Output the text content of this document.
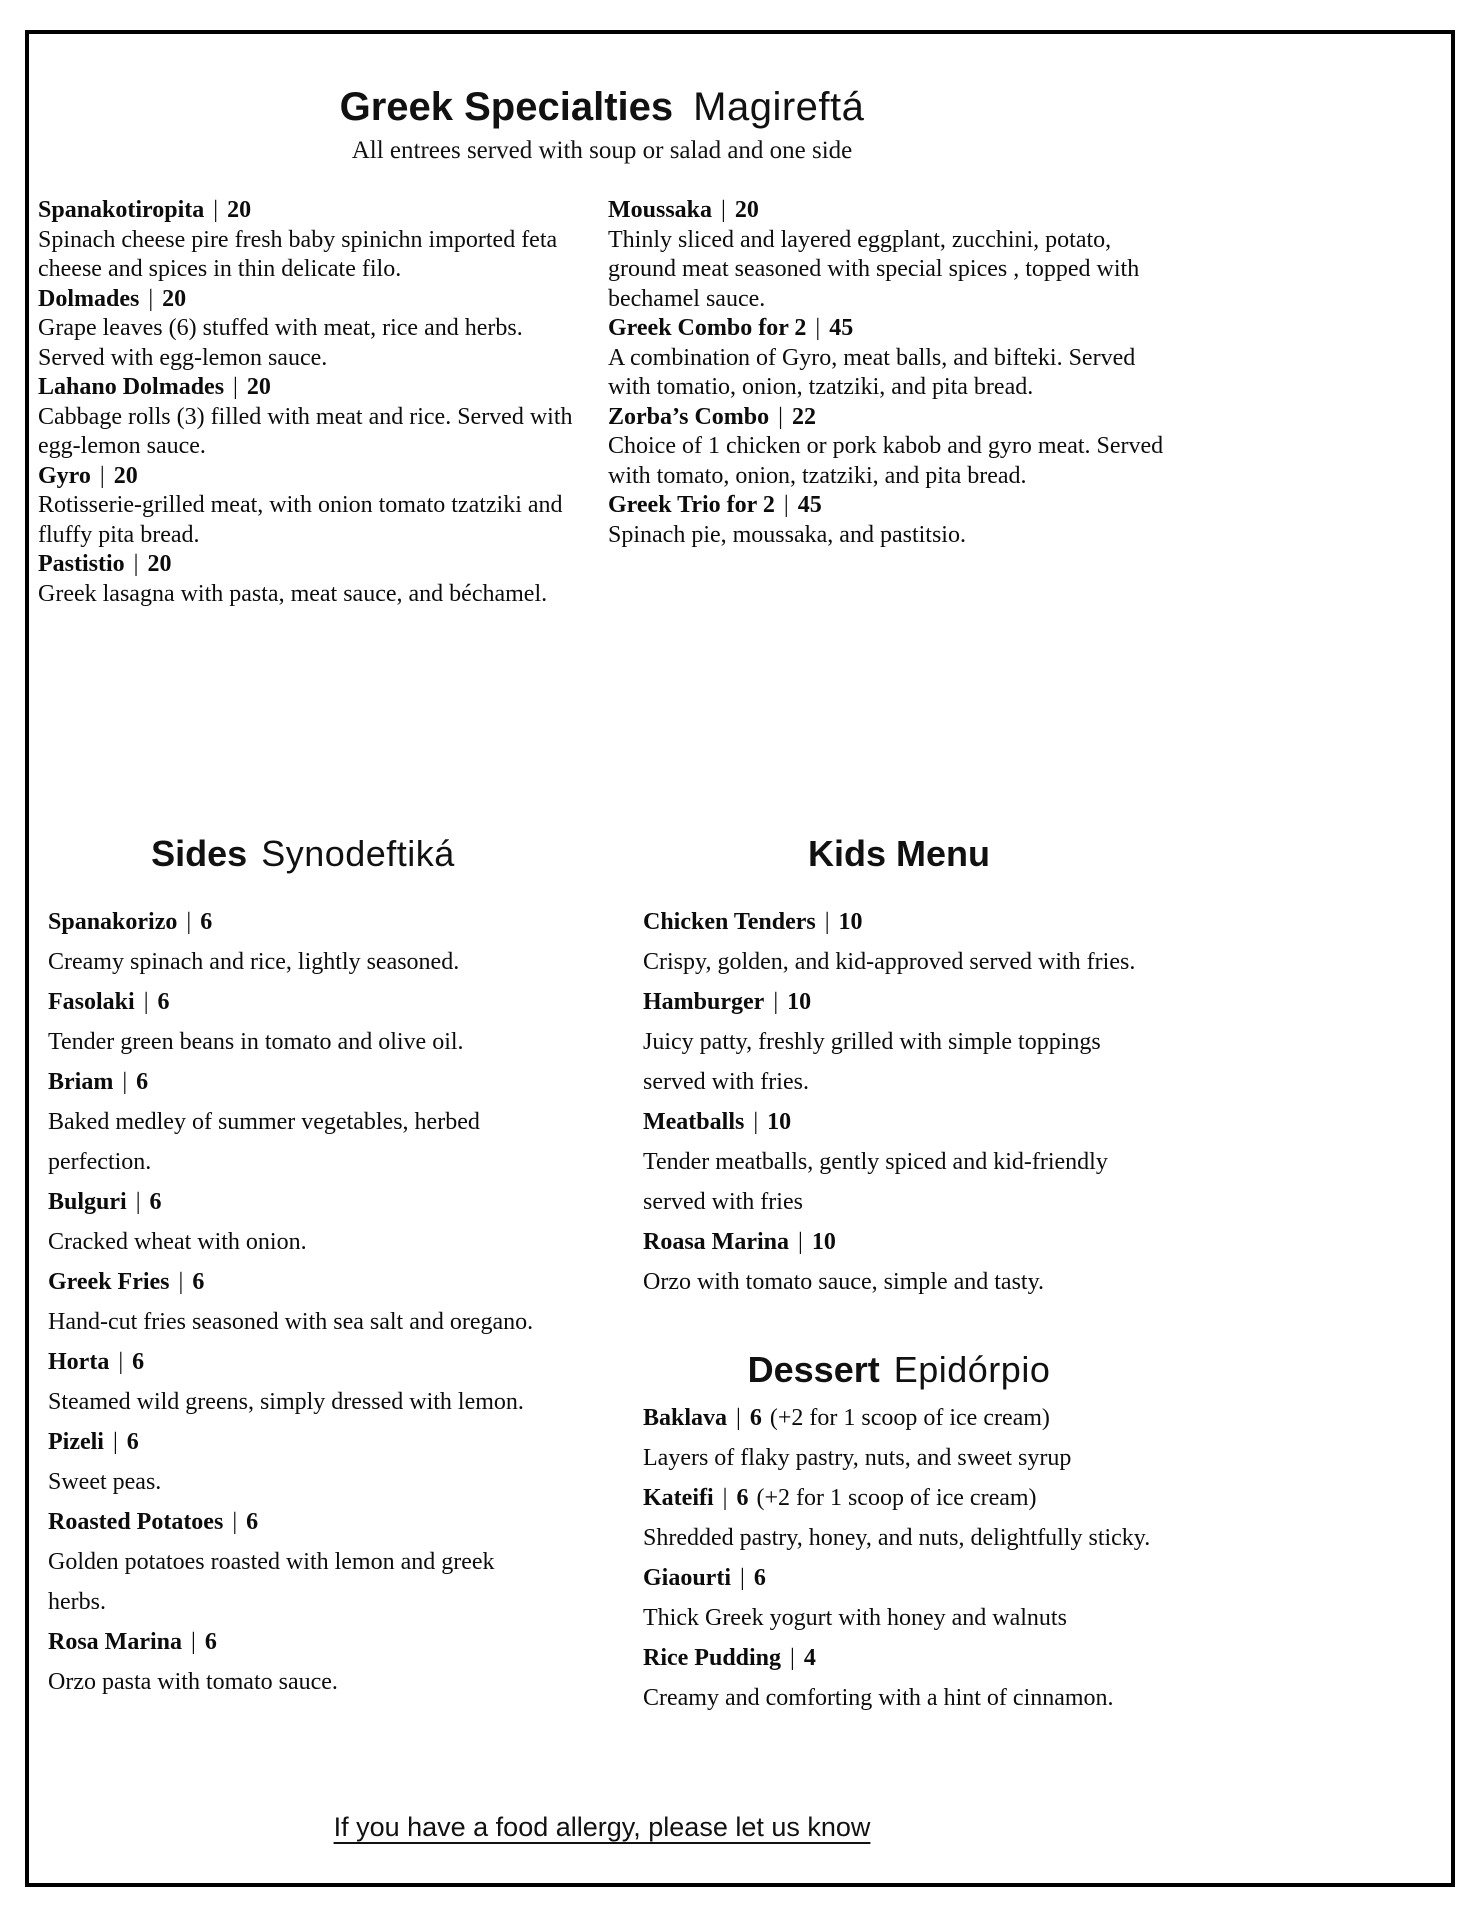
Greek Specialties Magireftá
All entrees served with soup or salad and one side
Spanakotiropita | 20
Spinach cheese pire fresh baby spinichn imported feta cheese and spices in thin delicate filo.
Dolmades | 20
Grape leaves (6) stuffed with meat, rice and herbs. Served with egg-lemon sauce.
Lahano Dolmades | 20
Cabbage rolls (3) filled with meat and rice. Served with egg-lemon sauce.
Gyro | 20
Rotisserie-grilled meat, with onion tomato tzatziki and fluffy pita bread.
Pastistio | 20
Greek lasagna with pasta, meat sauce, and béchamel.
Moussaka | 20
Thinly sliced and layered eggplant, zucchini, potato, ground meat seasoned with special spices , topped with bechamel sauce.
Greek Combo for 2 | 45
A combination of Gyro, meat balls, and bifteki. Served with tomatio, onion, tzatziki, and pita bread.
Zorba’s Combo | 22
Choice of 1 chicken or pork kabob and gyro meat. Served with tomato, onion, tzatziki, and pita bread.
Greek Trio for 2 | 45
Spinach pie, moussaka, and pastitsio.
Sides Synodeftiká
Spanakorizo | 6
Creamy spinach and rice, lightly seasoned.
Fasolaki | 6
Tender green beans in tomato and olive oil.
Briam | 6
Baked medley of summer vegetables, herbed perfection.
Bulguri | 6
Cracked wheat with onion.
Greek Fries | 6
Hand-cut fries seasoned with sea salt and oregano.
Horta | 6
Steamed wild greens, simply dressed with lemon.
Pizeli | 6
Sweet peas.
Roasted Potatoes | 6
Golden potatoes roasted with lemon and greek herbs.
Rosa Marina | 6
Orzo pasta with tomato sauce.
Kids Menu
Chicken Tenders | 10
Crispy, golden, and kid-approved served with fries.
Hamburger | 10
Juicy patty, freshly grilled with simple toppings served with fries.
Meatballs | 10
Tender meatballs, gently spiced and kid-friendly served with fries
Roasa Marina | 10
Orzo with tomato sauce, simple and tasty.
Dessert Epidórpio
Baklava | 6 (+2 for 1 scoop of ice cream)
Layers of flaky pastry, nuts, and sweet syrup
Kateifi | 6 (+2 for 1 scoop of ice cream)
Shredded pastry, honey, and nuts, delightfully sticky.
Giaourti | 6
Thick Greek yogurt with honey and walnuts
Rice Pudding | 4
Creamy and comforting with a hint of cinnamon.
If you have a food allergy, please let us know
